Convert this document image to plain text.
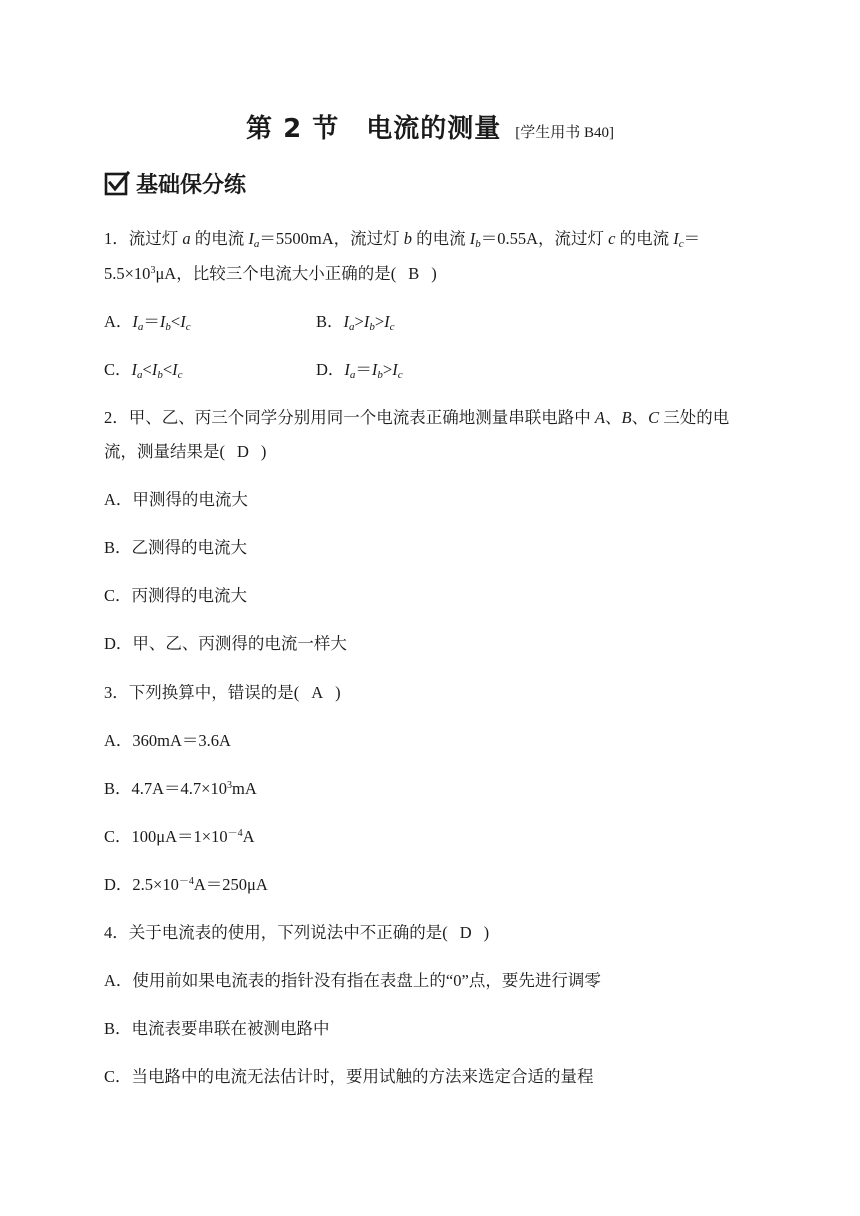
第 2 节　电流的测量 [学生用书 B40]
基础保分练
1．流过灯 a 的电流 $I_a=5500mA$，流过灯 b 的电流 $I_b=0.55A$，流过灯 c 的电流 $I_c=$
$5.5\times 10^3\mu A$，比较三个电流大小正确的是( B )
A．$I_a=I_b<I_c$	B．$I_a>I_b>I_c$
C．$I_a<I_b<I_c$	D．$I_a=I_b>I_c$
2．甲、乙、丙三个同学分别用同一个电流表正确地测量串联电路中 A、B、C 三处的电
流，测量结果是( D )
A．甲测得的电流大
B．乙测得的电流大
C．丙测得的电流大
D．甲、乙、丙测得的电流一样大
3．下列换算中，错误的是( A )
A．360mA＝3.6A
B．$4.7A=4.7\times 10^3mA$
C．$100\mu A=1\times 10^{-4}A$
D．$2.5\times 10^{-4}A=250\mu A$
4．关于电流表的使用，下列说法中不正确的是( D )
A．使用前如果电流表的指针没有指在表盘上的“0”点，要先进行调零
B．电流表要串联在被测电路中
C．当电路中的电流无法估计时，要用试触的方法来选定合适的量程
